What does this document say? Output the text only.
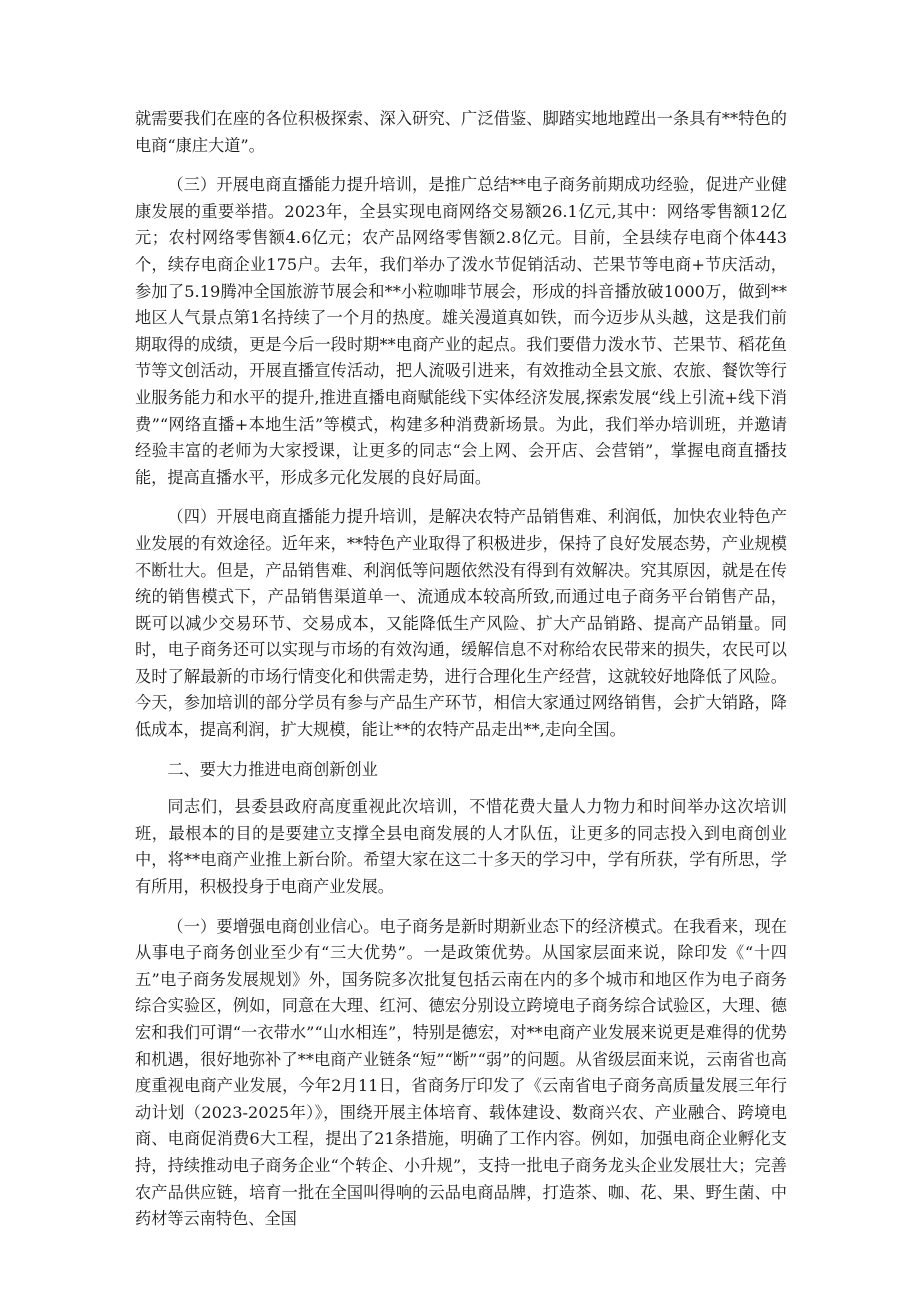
就需要我们在座的各位积极探索、深入研究、广泛借鉴、脚踏实地地蹚出一条具有**特色的电商“康庄大道”。

（三）开展电商直播能力提升培训，是推广总结**电子商务前期成功经验，促进产业健康发展的重要举措。2023年，全县实现电商网络交易额26.1亿元,其中：网络零售额12亿元；农村网络零售额4.6亿元；农产品网络零售额2.8亿元。目前，全县续存电商个体443个，续存电商企业175户。去年，我们举办了泼水节促销活动、芒果节等电商+节庆活动，参加了5.19腾冲全国旅游节展会和**小粒咖啡节展会，形成的抖音播放破1000万，做到**地区人气景点第1名持续了一个月的热度。雄关漫道真如铁，而今迈步从头越，这是我们前期取得的成绩，更是今后一段时期**电商产业的起点。我们要借力泼水节、芒果节、稻花鱼节等文创活动，开展直播宣传活动，把人流吸引进来，有效推动全县文旅、农旅、餐饮等行业服务能力和水平的提升,推进直播电商赋能线下实体经济发展,探索发展“线上引流+线下消费”“网络直播+本地生活”等模式，构建多种消费新场景。为此，我们举办培训班，并邀请经验丰富的老师为大家授课，让更多的同志“会上网、会开店、会营销”，掌握电商直播技能，提高直播水平，形成多元化发展的良好局面。

（四）开展电商直播能力提升培训，是解决农特产品销售难、利润低，加快农业特色产业发展的有效途径。近年来，**特色产业取得了积极进步，保持了良好发展态势，产业规模不断壮大。但是，产品销售难、利润低等问题依然没有得到有效解决。究其原因，就是在传统的销售模式下，产品销售渠道单一、流通成本较高所致,而通过电子商务平台销售产品，既可以减少交易环节、交易成本，又能降低生产风险、扩大产品销路、提高产品销量。同时，电子商务还可以实现与市场的有效沟通，缓解信息不对称给农民带来的损失，农民可以及时了解最新的市场行情变化和供需走势，进行合理化生产经营，这就较好地降低了风险。今天，参加培训的部分学员有参与产品生产环节，相信大家通过网络销售，会扩大销路，降低成本，提高利润，扩大规模，能让**的农特产品走出**,走向全国。

二、要大力推进电商创新创业

同志们，县委县政府高度重视此次培训，不惜花费大量人力物力和时间举办这次培训班，最根本的目的是要建立支撑全县电商发展的人才队伍，让更多的同志投入到电商创业中，将**电商产业推上新台阶。希望大家在这二十多天的学习中，学有所获，学有所思，学有所用，积极投身于电商产业发展。

（一）要增强电商创业信心。电子商务是新时期新业态下的经济模式。在我看来，现在从事电子商务创业至少有“三大优势”。一是政策优势。从国家层面来说，除印发《“十四五”电子商务发展规划》外，国务院多次批复包括云南在内的多个城市和地区作为电子商务综合实验区，例如，同意在大理、红河、德宏分别设立跨境电子商务综合试验区，大理、德宏和我们可谓“一衣带水”“山水相连”，特别是德宏，对**电商产业发展来说更是难得的优势和机遇，很好地弥补了**电商产业链条“短”“断”“弱”的问题。从省级层面来说，云南省也高度重视电商产业发展，今年2月11日，省商务厅印发了《云南省电子商务高质量发展三年行动计划（2023-2025年）》，围绕开展主体培育、载体建设、数商兴农、产业融合、跨境电商、电商促消费6大工程，提出了21条措施，明确了工作内容。例如，加强电商企业孵化支持，持续推动电子商务企业“个转企、小升规”，支持一批电子商务龙头企业发展壮大；完善农产品供应链，培育一批在全国叫得响的云品电商品牌，打造茶、咖、花、果、野生菌、中药材等云南特色、全国
